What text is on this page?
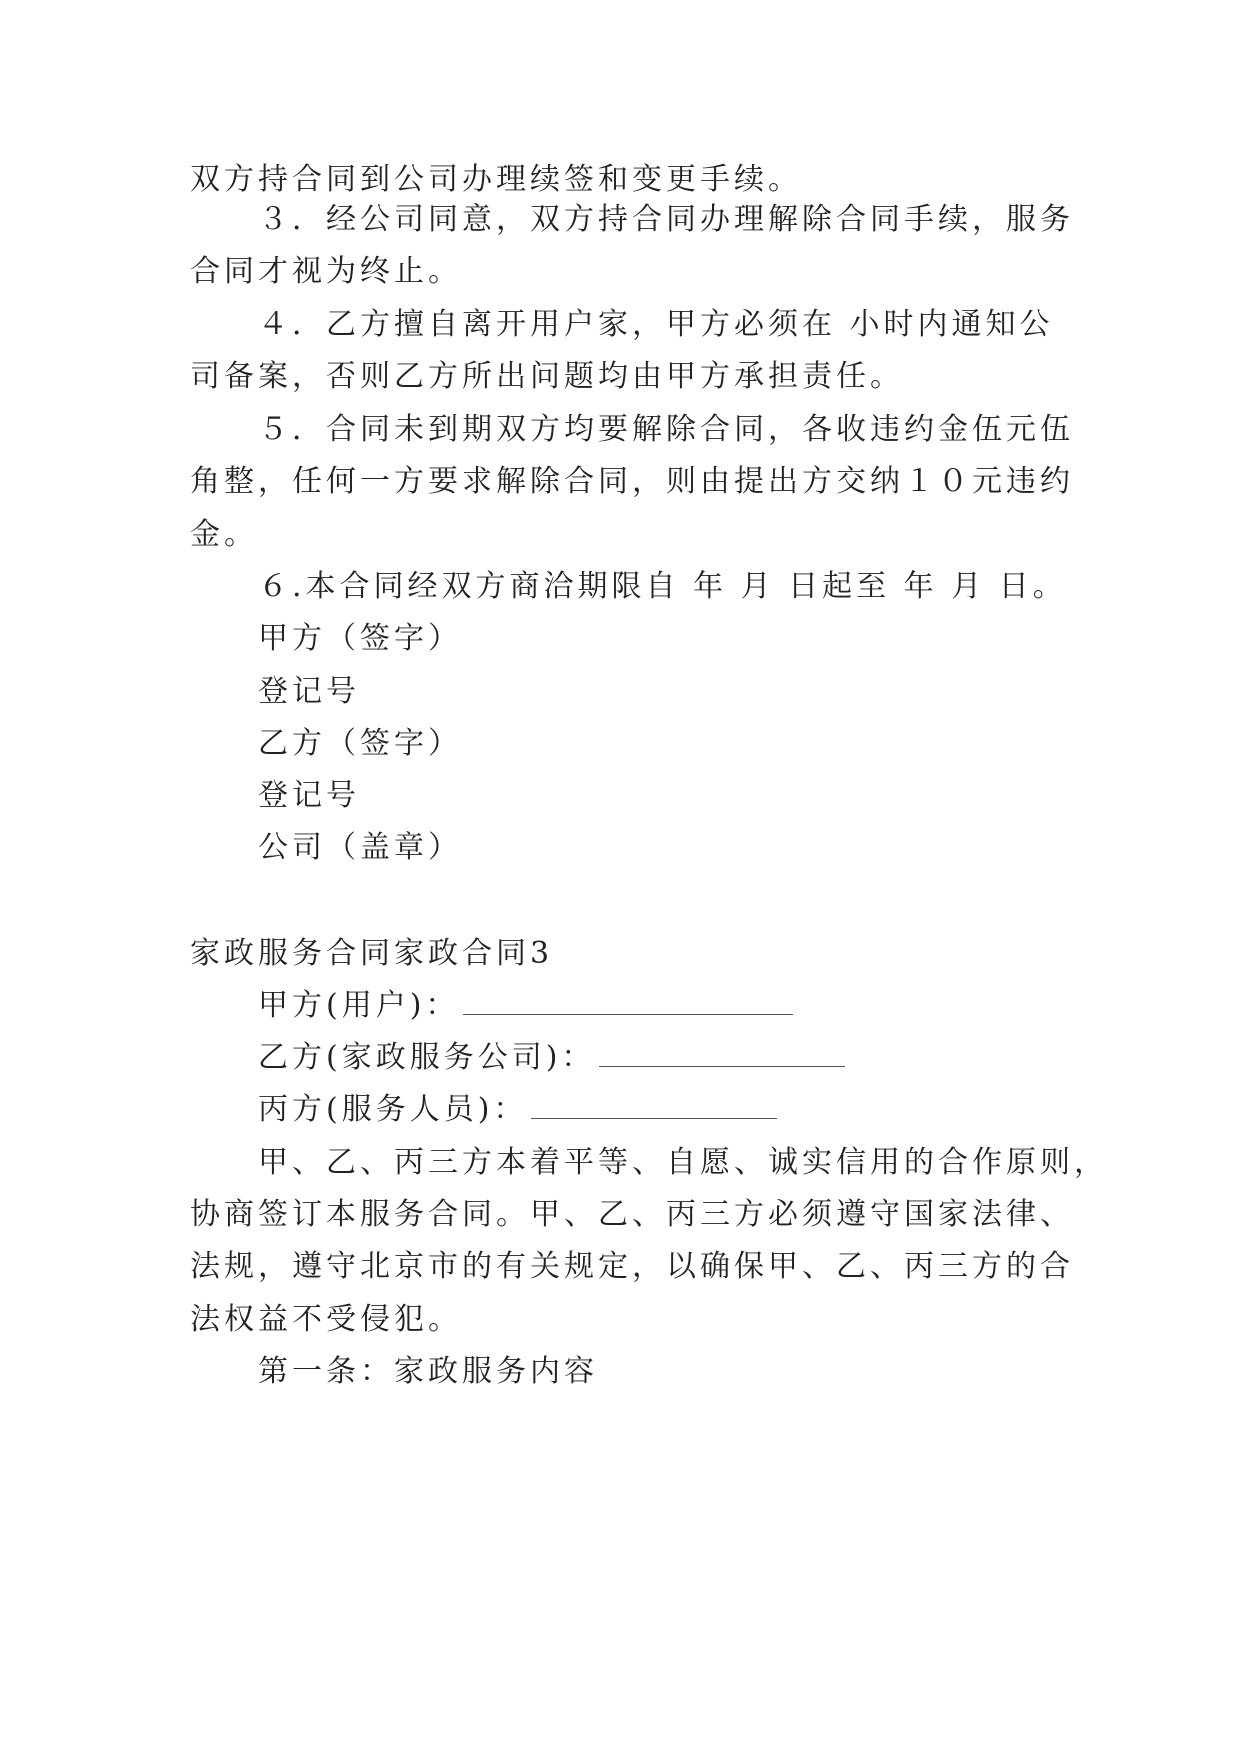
双方持合同到公司办理续签和变更手续。
３．经公司同意，双方持合同办理解除合同手续，服务
合同才视为终止。
４．乙方擅自离开用户家，甲方必须在 小时内通知公
司备案，否则乙方所出问题均由甲方承担责任。
５．合同未到期双方均要解除合同，各收违约金伍元伍
角整，任何一方要求解除合同，则由提出方交纳１０元违约
金。
６.本合同经双方商洽期限自 年 月 日起至 年 月 日。
甲方（签字）
登记号
乙方（签字）
登记号
公司（盖章）
家政服务合同家政合同3
甲方(用户)：
乙方(家政服务公司)：
丙方(服务人员)：
甲、乙、丙三方本着平等、自愿、诚实信用的合作原则，
协商签订本服务合同。甲、乙、丙三方必须遵守国家法律、
法规，遵守北京市的有关规定，以确保甲、乙、丙三方的合
法权益不受侵犯。
第一条：家政服务内容
